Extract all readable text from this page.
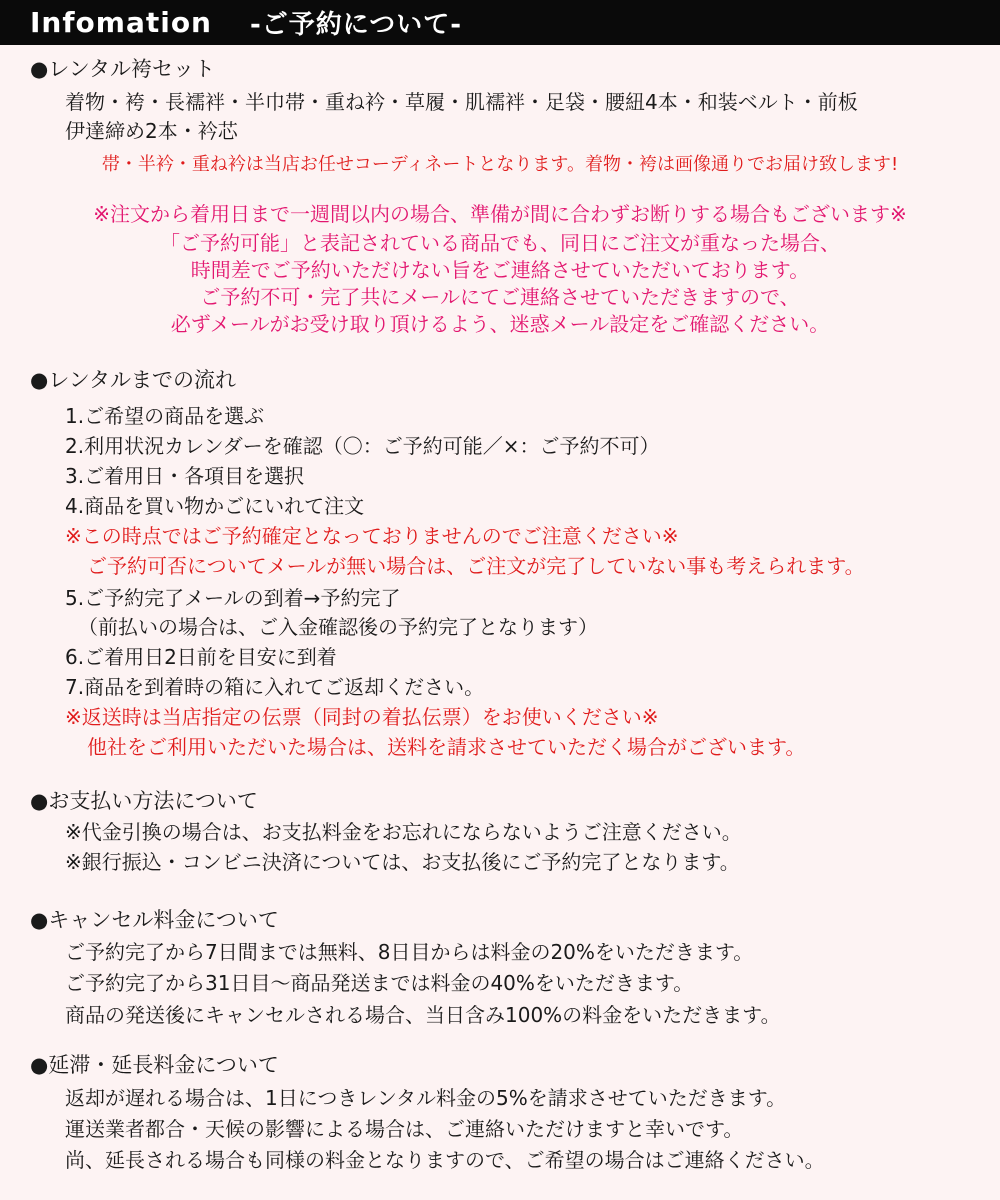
Infomation -ご予約について-
●レンタル袴セット
着物・袴・長襦袢・半巾帯・重ね衿・草履・肌襦袢・足袋・腰紐4本・和装ベルト・前板
伊達締め2本・衿芯
帯・半衿・重ね衿は当店お任せコーディネートとなります。着物・袴は画像通りでお届け致します!
※注文から着用日まで一週間以内の場合、準備が間に合わずお断りする場合もございます※
「ご予約可能」と表記されている商品でも、同日にご注文が重なった場合、
時間差でご予約いただけない旨をご連絡させていただいております。
ご予約不可・完了共にメールにてご連絡させていただきますので、
必ずメールがお受け取り頂けるよう、迷惑メール設定をご確認ください。
●レンタルまでの流れ
1.ご希望の商品を選ぶ
2.利用状況カレンダーを確認（〇：ご予約可能／×：ご予約不可）
3.ご着用日・各項目を選択
4.商品を買い物かごにいれて注文
※この時点ではご予約確定となっておりませんのでご注意ください※
ご予約可否についてメールが無い場合は、ご注文が完了していない事も考えられます。
5.ご予約完了メールの到着→予約完了
（前払いの場合は、ご入金確認後の予約完了となります）
6.ご着用日2日前を目安に到着
7.商品を到着時の箱に入れてご返却ください。
※返送時は当店指定の伝票（同封の着払伝票）をお使いください※
他社をご利用いただいた場合は、送料を請求させていただく場合がございます。
●お支払い方法について
※代金引換の場合は、お支払料金をお忘れにならないようご注意ください。
※銀行振込・コンビニ決済については、お支払後にご予約完了となります。
●キャンセル料金について
ご予約完了から7日間までは無料、8日目からは料金の20%をいただきます。
ご予約完了から31日目～商品発送までは料金の40%をいただきます。
商品の発送後にキャンセルされる場合、当日含み100%の料金をいただきます。
●延滞・延長料金について
返却が遅れる場合は、1日につきレンタル料金の5%を請求させていただきます。
運送業者都合・天候の影響による場合は、ご連絡いただけますと幸いです。
尚、延長される場合も同様の料金となりますので、ご希望の場合はご連絡ください。
